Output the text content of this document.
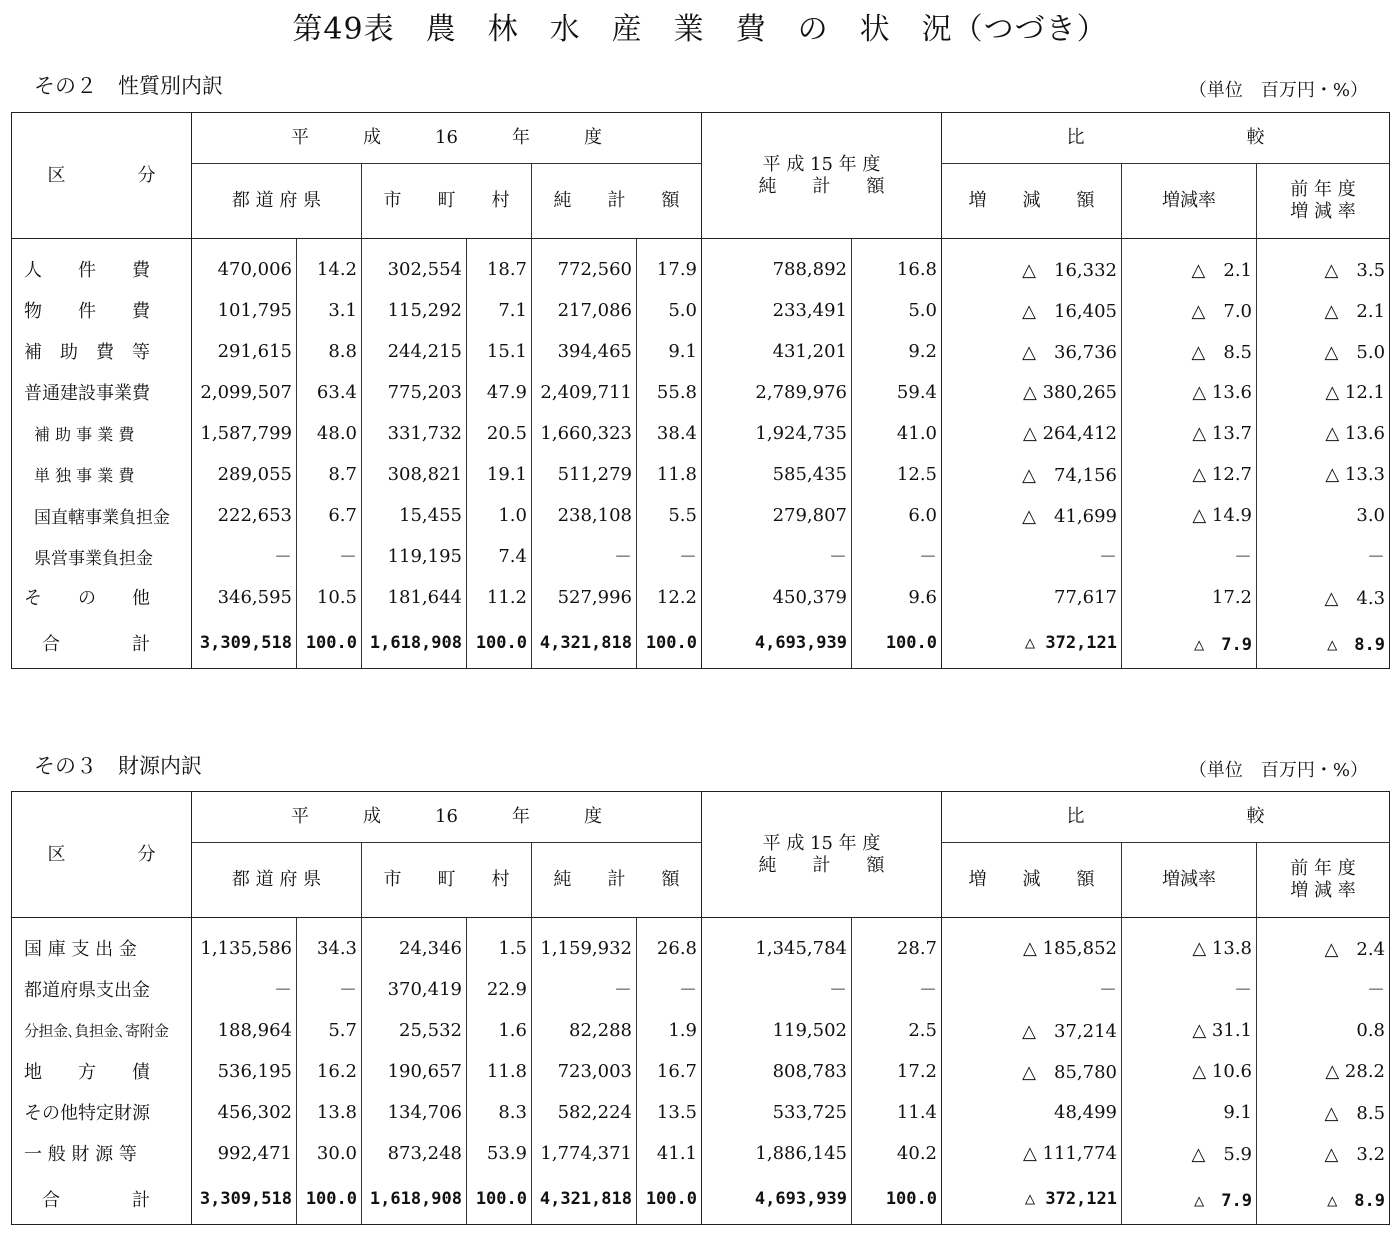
第49表　農　林　水　産　業　費　の　状　況（つづき）
その２　性質別内訳	（単位　百万円・%）
区　　　　分	平　　　成　　　16　　　年　　　度						平 成 15 年 度
純　　計　　額		比　　　　　　　　　較		
	都 道 府 県		市　　町　　村		純　　計　　額				増　　減　　額	増減率	前 年 度
増 減 率

人　　件　　費	470,006	14.2	302,554	18.7	772,560	17.9	788,892	16.8	△　16,332	△　2.1	△　3.5
物　　件　　費	101,795	3.1	115,292	7.1	217,086	5.0	233,491	5.0	△　16,405	△　7.0	△　2.1
補　助　費　等	291,615	8.8	244,215	15.1	394,465	9.1	431,201	9.2	△　36,736	△　8.5	△　5.0
普通建設事業費	2,099,507	63.4	775,203	47.9	2,409,711	55.8	2,789,976	59.4	△ 380,265	△ 13.6	△ 12.1
補 助 事 業 費	1,587,799	48.0	331,732	20.5	1,660,323	38.4	1,924,735	41.0	△ 264,412	△ 13.7	△ 13.6
単 独 事 業 費	289,055	8.7	308,821	19.1	511,279	11.8	585,435	12.5	△　74,156	△ 12.7	△ 13.3
国直轄事業負担金	222,653	6.7	15,455	1.0	238,108	5.5	279,807	6.0	△　41,699	△ 14.9	3.0
県営事業負担金	－	－	119,195	7.4	－	－	－	－	－	－	－
そ　　の　　他	346,595	10.5	181,644	11.2	527,996	12.2	450,379	9.6	77,617	17.2	△　4.3
合　　　　計	3,309,518	100.0	1,618,908	100.0	4,321,818	100.0	4,693,939	100.0	△ 372,121	△　7.9	△　8.9
その３　財源内訳	（単位　百万円・%）
区　　　　分	平　　　成　　　16　　　年　　　度						平 成 15 年 度
純　　計　　額		比　　　　　　　　　較		
	都 道 府 県		市　　町　　村		純　　計　　額				増　　減　　額	増減率	前 年 度
増 減 率

国 庫 支 出 金	1,135,586	34.3	24,346	1.5	1,159,932	26.8	1,345,784	28.7	△ 185,852	△ 13.8	△　2.4
都道府県支出金	－	－	370,419	22.9	－	－	－	－	－	－	－
分担金､負担金､寄附金	188,964	5.7	25,532	1.6	82,288	1.9	119,502	2.5	△　37,214	△ 31.1	0.8
地　　方　　債	536,195	16.2	190,657	11.8	723,003	16.7	808,783	17.2	△　85,780	△ 10.6	△ 28.2
その他特定財源	456,302	13.8	134,706	8.3	582,224	13.5	533,725	11.4	48,499	9.1	△　8.5
一 般 財 源 等	992,471	30.0	873,248	53.9	1,774,371	41.1	1,886,145	40.2	△ 111,774	△　5.9	△　3.2
合　　　　計	3,309,518	100.0	1,618,908	100.0	4,321,818	100.0	4,693,939	100.0	△ 372,121	△　7.9	△　8.9
